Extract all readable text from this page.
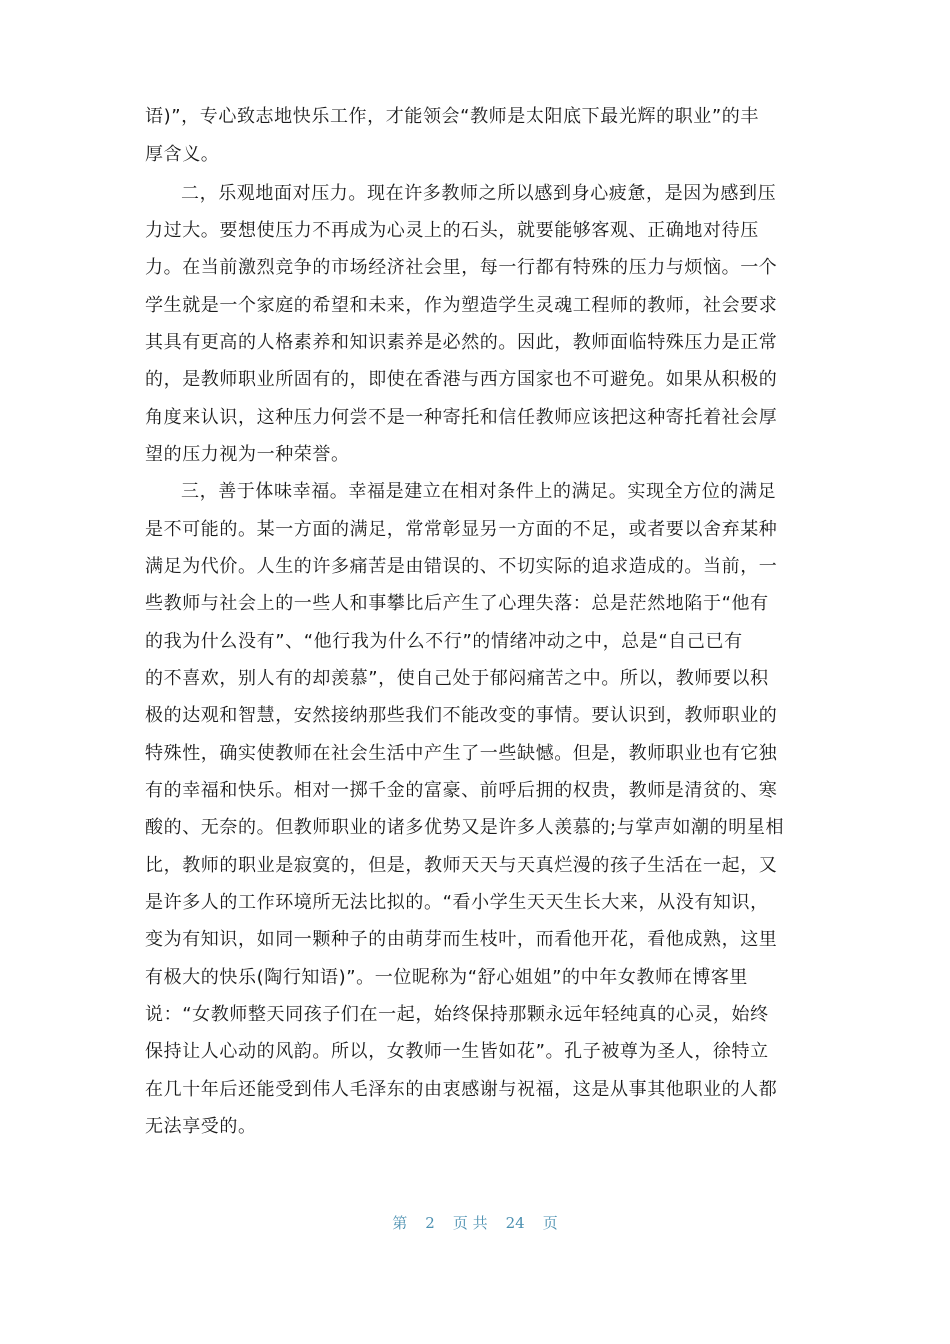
语)”，专心致志地快乐工作，才能领会“教师是太阳底下最光辉的职业”的丰
厚含义。
二，乐观地面对压力。现在许多教师之所以感到身心疲惫，是因为感到压
力过大。要想使压力不再成为心灵上的石头，就要能够客观、正确地对待压
力。在当前激烈竞争的市场经济社会里，每一行都有特殊的压力与烦恼。一个
学生就是一个家庭的希望和未来，作为塑造学生灵魂工程师的教师，社会要求
其具有更高的人格素养和知识素养是必然的。因此，教师面临特殊压力是正常
的，是教师职业所固有的，即使在香港与西方国家也不可避免。如果从积极的
角度来认识，这种压力何尝不是一种寄托和信任教师应该把这种寄托着社会厚
望的压力视为一种荣誉。
三，善于体味幸福。幸福是建立在相对条件上的满足。实现全方位的满足
是不可能的。某一方面的满足，常常彰显另一方面的不足，或者要以舍弃某种
满足为代价。人生的许多痛苦是由错误的、不切实际的追求造成的。当前，一
些教师与社会上的一些人和事攀比后产生了心理失落：总是茫然地陷于“他有
的我为什么没有”、“他行我为什么不行”的情绪冲动之中，总是“自己已有
的不喜欢，别人有的却羡慕”，使自己处于郁闷痛苦之中。所以，教师要以积
极的达观和智慧，安然接纳那些我们不能改变的事情。要认识到，教师职业的
特殊性，确实使教师在社会生活中产生了一些缺憾。但是，教师职业也有它独
有的幸福和快乐。相对一掷千金的富豪、前呼后拥的权贵，教师是清贫的、寒
酸的、无奈的。但教师职业的诸多优势又是许多人羡慕的;与掌声如潮的明星相
比，教师的职业是寂寞的，但是，教师天天与天真烂漫的孩子生活在一起，又
是许多人的工作环境所无法比拟的。“看小学生天天生长大来，从没有知识，
变为有知识，如同一颗种子的由萌芽而生枝叶，而看他开花，看他成熟，这里
有极大的快乐(陶行知语)”。一位昵称为“舒心姐姐”的中年女教师在博客里
说：“女教师整天同孩子们在一起，始终保持那颗永远年轻纯真的心灵，始终
保持让人心动的风韵。所以，女教师一生皆如花”。孔子被尊为圣人，徐特立
在几十年后还能受到伟人毛泽东的由衷感谢与祝福，这是从事其他职业的人都
无法享受的。
第 2 页 共 24 页
